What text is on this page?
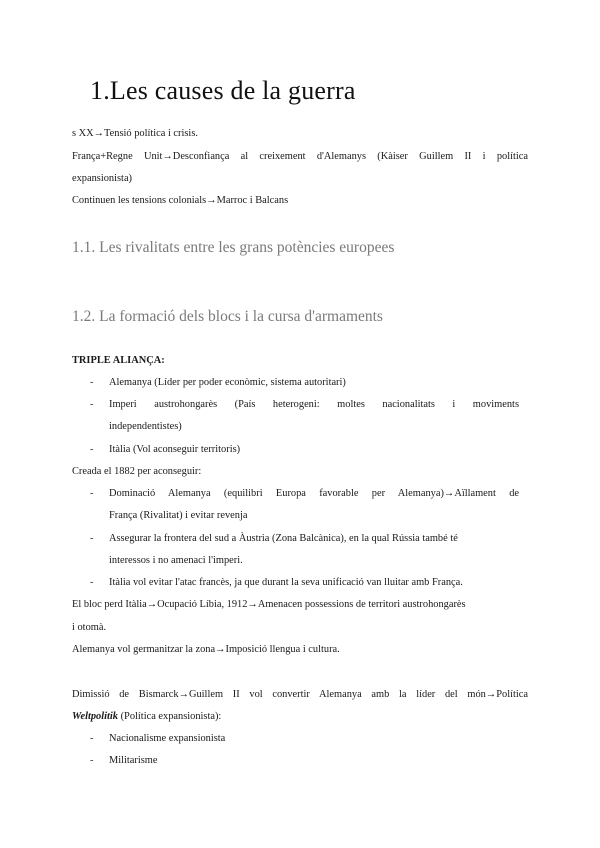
1.Les causes de la guerra

s XX→Tensió política i crisis.

França+Regne Unit→Desconfiança al creixement d'Alemanys (Kàiser Guillem II i política

expansionista)

Continuen les tensions colonials→Marroc i Balcans

1.1. Les rivalitats entre les grans potències europees
1.2. La formació dels blocs i la cursa d'armaments

TRIPLE ALIANÇA:

- Alemanya (Líder per poder econòmic, sistema autoritari)
- Imperi austrohongarès (País heterogeni: moltes nacionalitats i moviments
independentistes)
- Itàlia (Vol aconseguir territoris)

Creada el 1882 per aconseguir:

- Dominació Alemanya (equilibri Europa favorable per Alemanya)→Aïllament de
França (Rivalitat) i evitar revenja
- Assegurar la frontera del sud a Àustria (Zona Balcànica), en la qual Rússia també té
interessos i no amenaci l'imperi.
- Itàlia vol evitar l'atac francès, ja que durant la seva unificació van lluitar amb França.

El bloc perd Itàlia→Ocupació Líbia, 1912→Amenacen possessions de territori austrohongarès

i otomà.

Alemanya vol germanitzar la zona→Imposició llengua i cultura.

Dimissió de Bismarck→Guillem II vol convertir Alemanya amb la líder del món→Política

Weltpolitik (Política expansionista):

- Nacionalisme expansionista
- Militarisme
